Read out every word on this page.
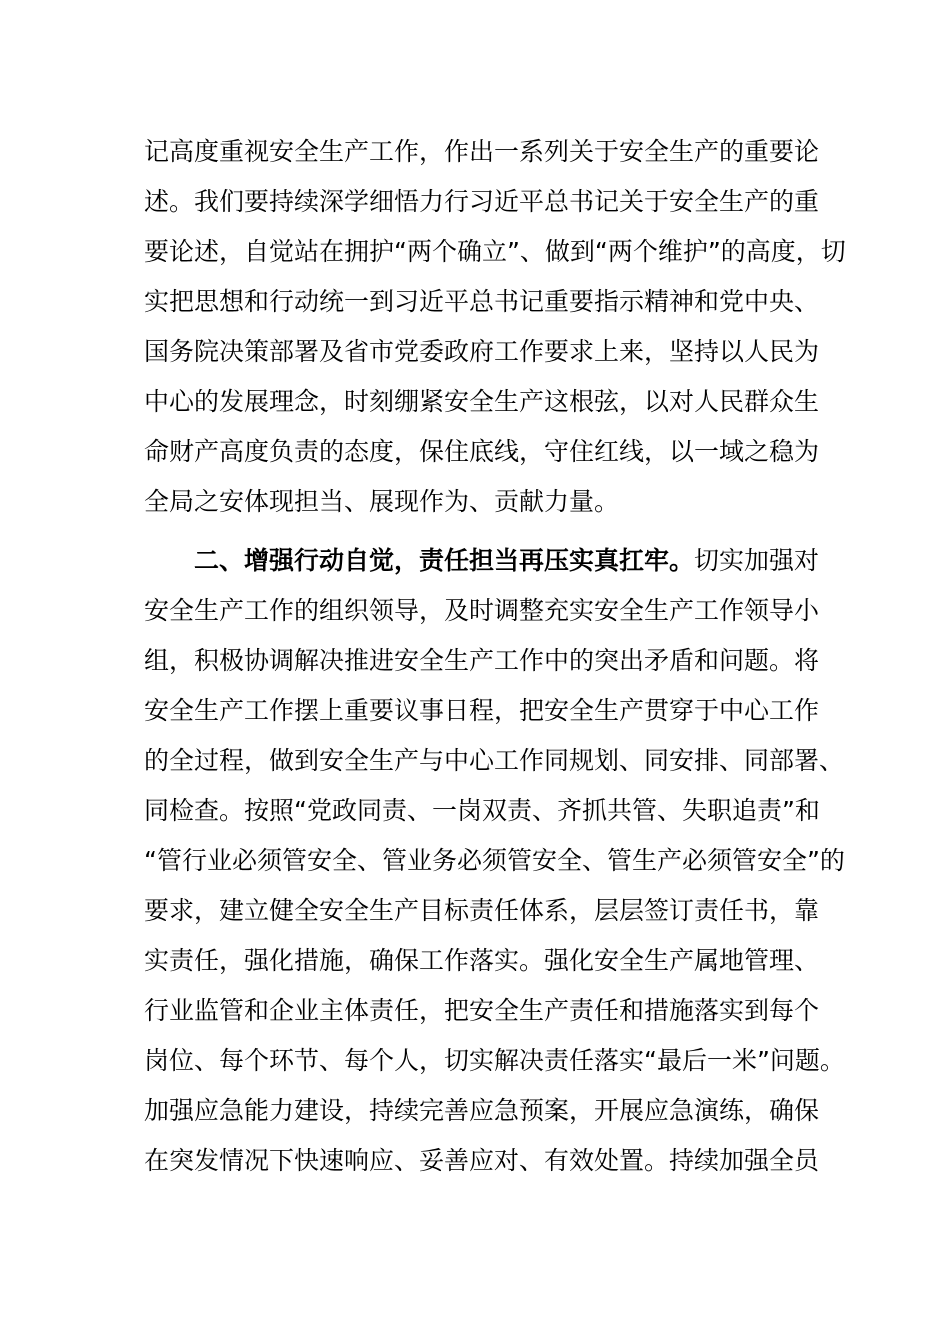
记高度重视安全生产工作，作出一系列关于安全生产的重要论
述。我们要持续深学细悟力行习近平总书记关于安全生产的重
要论述，自觉站在拥护“两个确立”、做到“两个维护”的高度，切
实把思想和行动统一到习近平总书记重要指示精神和党中央、
国务院决策部署及省市党委政府工作要求上来，坚持以人民为
中心的发展理念，时刻绷紧安全生产这根弦，以对人民群众生
命财产高度负责的态度，保住底线，守住红线，以一域之稳为
全局之安体现担当、展现作为、贡献力量。
二、增强行动自觉，责任担当再压实真扛牢。切实加强对
安全生产工作的组织领导，及时调整充实安全生产工作领导小
组，积极协调解决推进安全生产工作中的突出矛盾和问题。将
安全生产工作摆上重要议事日程，把安全生产贯穿于中心工作
的全过程，做到安全生产与中心工作同规划、同安排、同部署、
同检查。按照“党政同责、一岗双责、齐抓共管、失职追责”和
“管行业必须管安全、管业务必须管安全、管生产必须管安全”的
要求，建立健全安全生产目标责任体系，层层签订责任书，靠
实责任，强化措施，确保工作落实。强化安全生产属地管理、
行业监管和企业主体责任，把安全生产责任和措施落实到每个
岗位、每个环节、每个人，切实解决责任落实“最后一米”问题。
加强应急能力建设，持续完善应急预案，开展应急演练，确保
在突发情况下快速响应、妥善应对、有效处置。持续加强全员
